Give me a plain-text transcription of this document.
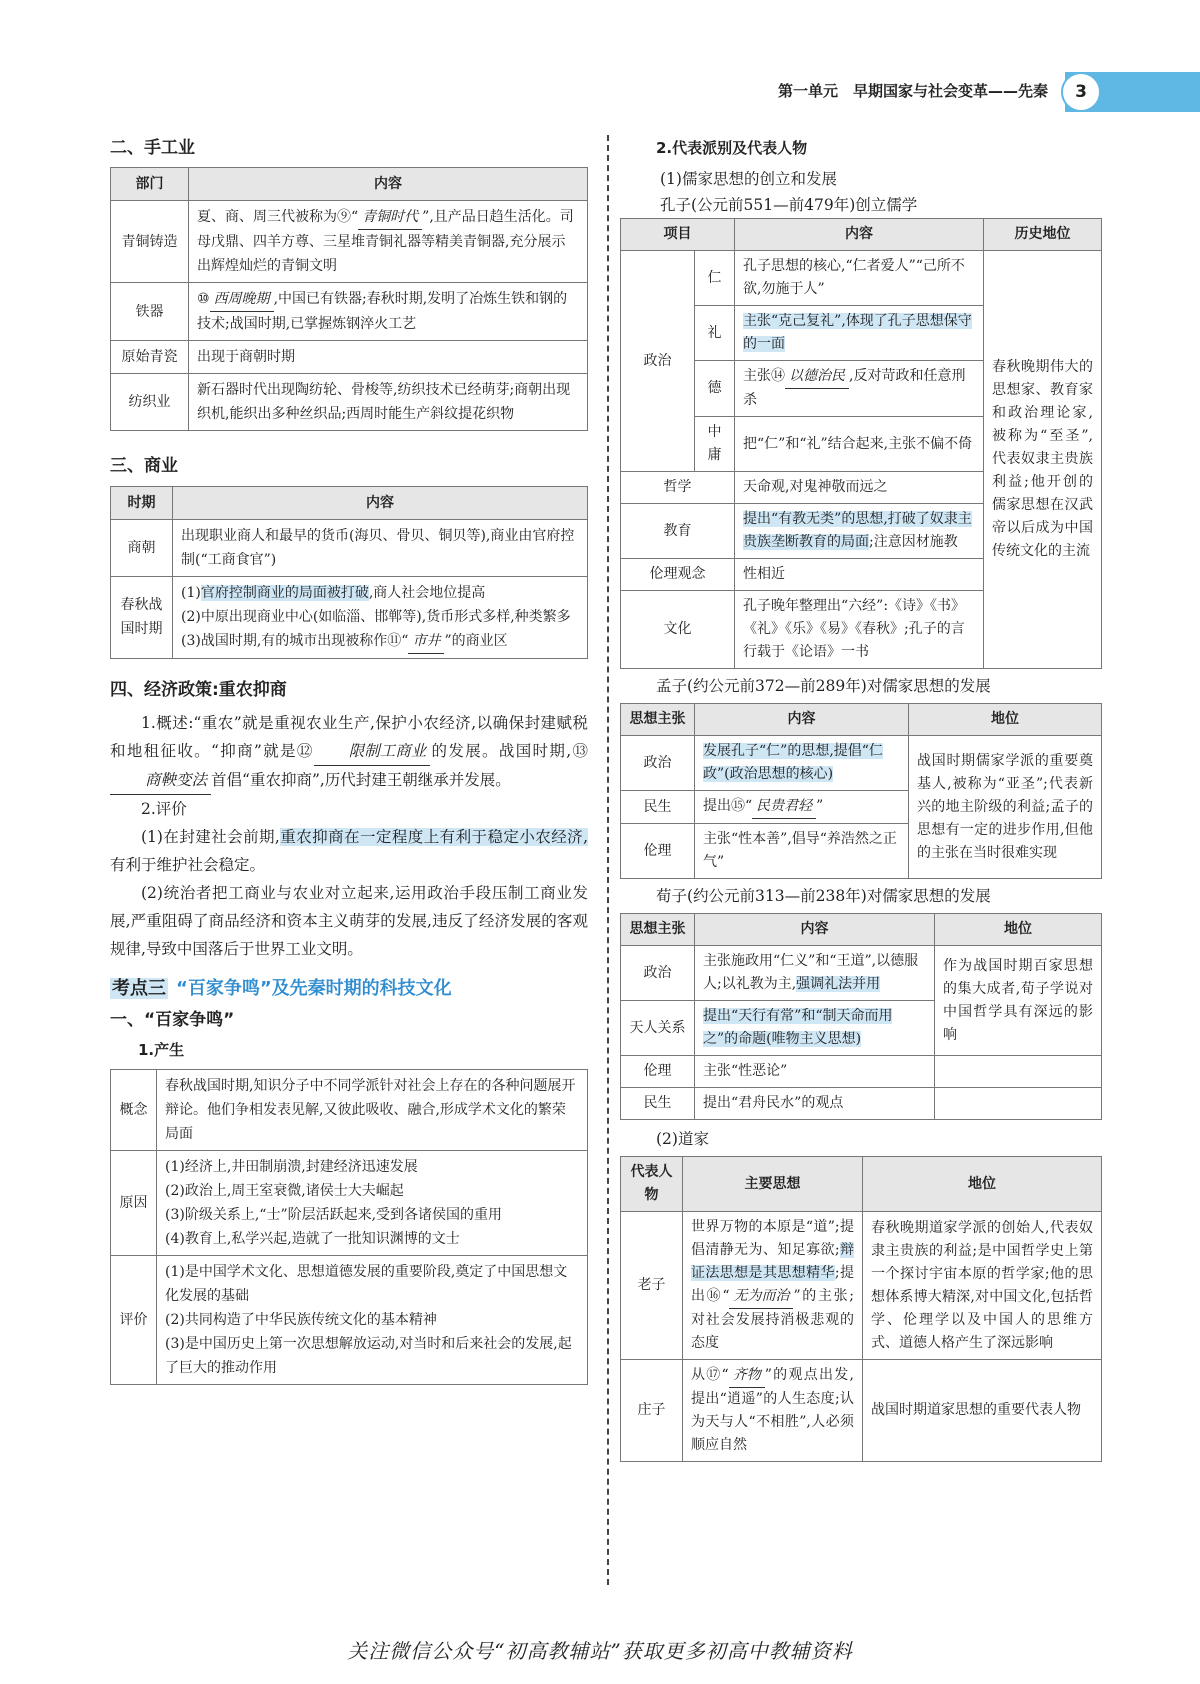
3
第一单元　早期国家与社会变革——先秦
二、手工业
部门	内容
青铜铸造	夏、商、周三代被称为⑨“ 青铜时代 ”,且产品日趋生活化。司母戊鼎、四羊方尊、三星堆青铜礼器等精美青铜器,充分展示出辉煌灿烂的青铜文明
铁器	⑩ 西周晚期 ,中国已有铁器;春秋时期,发明了冶炼生铁和钢的技术;战国时期,已掌握炼钢淬火工艺
原始青瓷	出现于商朝时期
纺织业	新石器时代出现陶纺轮、骨梭等,纺织技术已经萌芽;商朝出现织机,能织出多种丝织品;西周时能生产斜纹提花织物
三、商业
时期	内容
商朝	出现职业商人和最早的货币(海贝、骨贝、铜贝等),商业由官府控制(“工商食官”)
春秋战国时期	(1)官府控制商业的局面被打破,商人社会地位提高
(2)中原出现商业中心(如临淄、邯郸等),货币形式多样,种类繁多
(3)战国时期,有的城市出现被称作⑪“ 市井 ”的商业区
四、经济政策:重农抑商
1.概述:“重农”就是重视农业生产,保护小农经济,以确保封建赋税和地租征收。“抑商”就是⑫ 限制工商业 的发展。战国时期,⑬商鞅变法 首倡“重农抑商”,历代封建王朝继承并发展。
2.评价
(1)在封建社会前期,重农抑商在一定程度上有利于稳定小农经济,有利于维护社会稳定。
(2)统治者把工商业与农业对立起来,运用政治手段压制工商业发展,严重阻碍了商品经济和资本主义萌芽的发展,违反了经济发展的客观规律,导致中国落后于世界工业文明。
考点三 “百家争鸣”及先秦时期的科技文化
一、“百家争鸣”
1.产生
概念	春秋战国时期,知识分子中不同学派针对社会上存在的各种问题展开辩论。他们争相发表见解,又彼此吸收、融合,形成学术文化的繁荣局面
原因	(1)经济上,井田制崩溃,封建经济迅速发展
(2)政治上,周王室衰微,诸侯士大夫崛起
(3)阶级关系上,“士”阶层活跃起来,受到各诸侯国的重用
(4)教育上,私学兴起,造就了一批知识渊博的文士

评价	(1)是中国学术文化、思想道德发展的重要阶段,奠定了中国思想文化发展的基础
(2)共同构造了中华民族传统文化的基本精神
(3)是中国历史上第一次思想解放运动,对当时和后来社会的发展,起了巨大的推动作用
2.代表派别及代表人物
(1)儒家思想的创立和发展
孔子(公元前551—前479年)创立儒学
项目		内容	历史地位
政治	仁	孔子思想的核心,“仁者爱人”“己所不欲,勿施于人”	春秋晚期伟大的思想家、教育家和政治理论家,被称为“至圣”,代表奴隶主贵族利益;他开创的儒家思想在汉武帝以后成为中国传统文化的主流
	礼	主张“克己复礼”,体现了孔子思想保守的一面	
	德	主张⑭ 以德治民 ,反对苛政和任意刑杀	
	中庸	把“仁”和“礼”结合起来,主张不偏不倚	
哲学		天命观,对鬼神敬而远之	
教育		提出“有教无类”的思想,打破了奴隶主贵族垄断教育的局面;注意因材施教	
伦理观念		性相近	
文化		孔子晚年整理出“六经”:《诗》《书》《礼》《乐》《易》《春秋》;孔子的言行载于《论语》一书	
孟子(约公元前372—前289年)对儒家思想的发展
思想主张	内容	地位
政治	发展孔子“仁”的思想,提倡“仁政”(政治思想的核心)	战国时期儒家学派的重要奠基人,被称为“亚圣”;代表新兴的地主阶级的利益;孟子的思想有一定的进步作用,但他的主张在当时很难实现
民生	提出⑮“ 民贵君轻 ”	
伦理	主张“性本善”,倡导“养浩然之正气”	
荀子(约公元前313—前238年)对儒家思想的发展
思想主张	内容	地位
政治	主张施政用“仁义”和“王道”,以德服人;以礼教为主,强调礼法并用	作为战国时期百家思想的集大成者,荀子学说对中国哲学具有深远的影响
天人关系	提出“天行有常”和“制天命而用之”的命题(唯物主义思想)	
伦理	主张“性恶论”	
民生	提出“君舟民水”的观点	
(2)道家
代表人物	主要思想	地位
老子	世界万物的本原是“道”;提倡清静无为、知足寡欲;辩证法思想是其思想精华;提出⑯“ 无为而治 ”的主张;对社会发展持消极悲观的态度	春秋晚期道家学派的创始人,代表奴隶主贵族的利益;是中国哲学史上第一个探讨宇宙本原的哲学家;他的思想体系博大精深,对中国文化,包括哲学、伦理学以及中国人的思维方式、道德人格产生了深远影响
庄子	从⑰“ 齐物 ”的观点出发,提出“逍遥”的人生态度;认为天与人“不相胜”,人必须顺应自然	战国时期道家思想的重要代表人物
关注微信公众号“初高教辅站”获取更多初高中教辅资料
